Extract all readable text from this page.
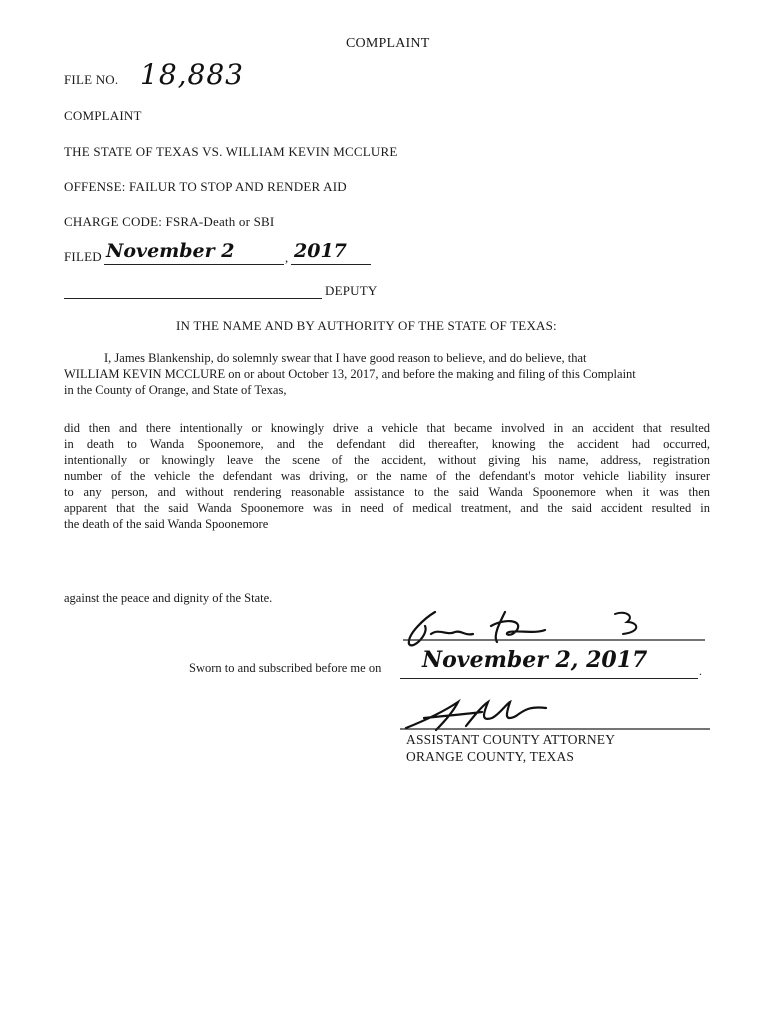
COMPLAINT
FILE NO. 18,883
COMPLAINT
THE STATE OF TEXAS VS. WILLIAM KEVIN MCCLURE
OFFENSE: FAILUR TO STOP AND RENDER AID
CHARGE CODE: FSRA-Death or SBI
FILED November 2	, 2017
DEPUTY
IN THE NAME AND BY AUTHORITY OF THE STATE OF TEXAS:
I, James Blankenship, do solemnly swear that I have good reason to believe, and do believe, that
WILLIAM KEVIN MCCLURE on or about October 13, 2017, and before the making and filing of this Complaint
in the County of Orange, and State of Texas,
did then and there intentionally or knowingly drive a vehicle that became involved in an accident that resulted
in death to Wanda Spoonemore, and the defendant did thereafter, knowing the accident had occurred,
intentionally or knowingly leave the scene of the accident, without giving his name, address, registration
number of the vehicle the defendant was driving, or the name of the defendant's motor vehicle liability insurer
to any person, and without rendering reasonable assistance to the said Wanda Spoonemore when it was then
apparent that the said Wanda Spoonemore was in need of medical treatment, and the said accident resulted in
the death of the said Wanda Spoonemore
against the peace and dignity of the State.
Sworn to and subscribed before me on November 2, 2017	.
ASSISTANT COUNTY ATTORNEY
ORANGE COUNTY, TEXAS
